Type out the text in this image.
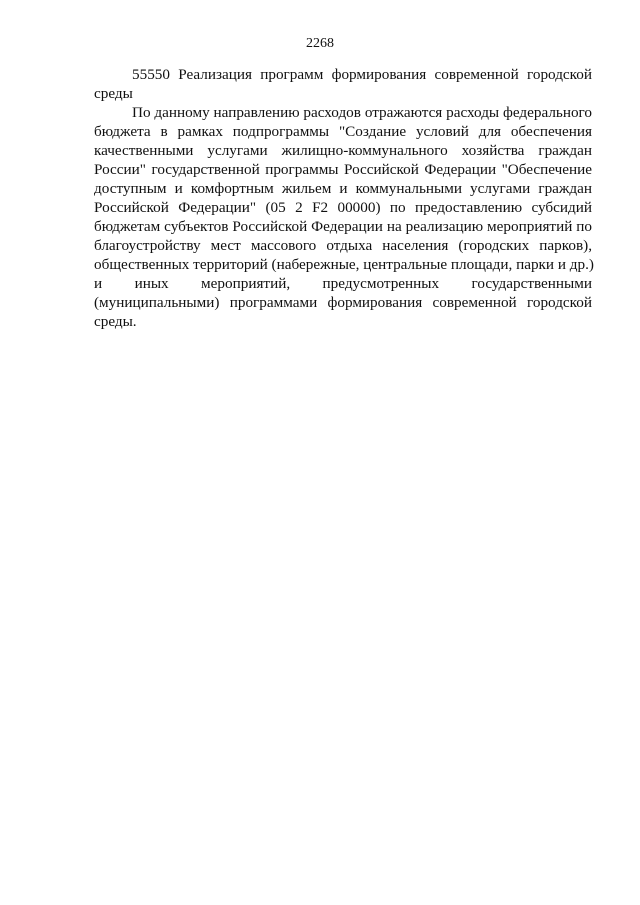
2268
55550 Реализация программ формирования современной городской
среды
По данному направлению расходов отражаются расходы федерального
бюджета в рамках подпрограммы "Создание условий для обеспечения
качественными услугами жилищно-коммунального хозяйства граждан
России" государственной программы Российской Федерации "Обеспечение
доступным и комфортным жильем и коммунальными услугами граждан
Российской Федерации" (05 2 F2 00000) по предоставлению субсидий
бюджетам субъектов Российской Федерации на реализацию мероприятий по
благоустройству мест массового отдыха населения (городских парков),
общественных территорий (набережные, центральные площади, парки и др.)
и иных мероприятий, предусмотренных государственными
(муниципальными) программами формирования современной городской
среды.
